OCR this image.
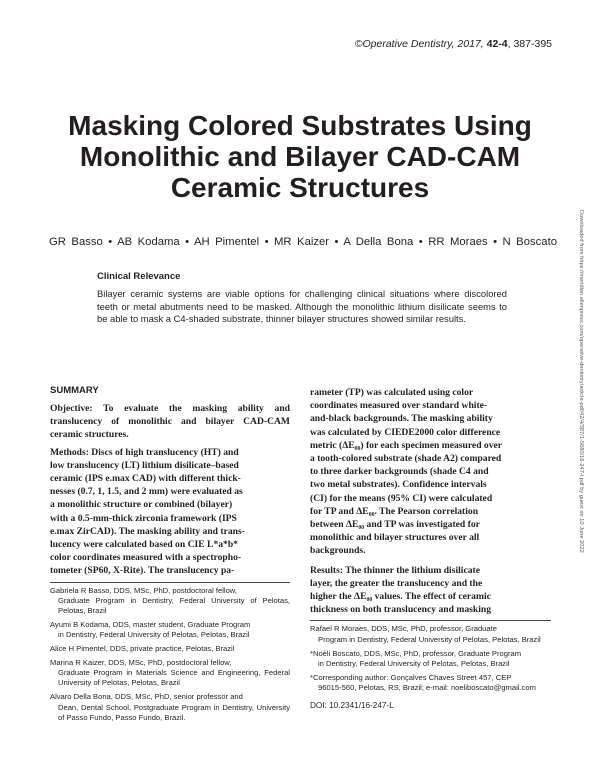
©Operative Dentistry, 2017, 42-4, 387-395
Masking Colored Substrates Using
Monolithic and Bilayer CAD-CAM
Ceramic Structures
GR Basso • AB Kodama • AH Pimentel • MR Kaizer • A Della Bona • RR Moraes • N Boscato
Clinical Relevance
Bilayer ceramic systems are viable options for challenging clinical situations where discolored teeth or metal abutments need to be masked. Although the monolithic lithium disilicate seems to be able to mask a C4-shaded substrate, thinner bilayer structures showed similar results.	Downloaded from https://meridian.allenpress.com/operative-dentistry/article-pdf/42/4/387/1-5680/16-247-l.pdf by guest on 10 June 2022
SUMMARY

Objective: To evaluate the masking ability and translucency of monolithic and bilayer CAD-CAM ceramic structures.

Methods: Discs of high translucency (HT) and
low translucency (LT) lithium disilicate–based
ceramic (IPS e.max CAD) with different thick-
nesses (0.7, 1, 1.5, and 2 mm) were evaluated as
a monolithic structure or combined (bilayer)
with a 0.5-mm-thick zirconia framework (IPS
e.max ZirCAD). The masking ability and trans-
lucency were calculated based on CIE L*a*b*
color coordinates measured with a spectropho-
tometer (SP60, X-Rite). The translucency pa-

Gabriela R Basso, DDS, MSc, PhD, postdoctoral fellow,
Graduate Program in Dentistry, Federal University of Pelotas, Pelotas, Brazil

Ayumi B Kodama, DDS, master student, Graduate Program
in Dentistry, Federal University of Pelotas, Pelotas, Brazil

Alice H Pimentel, DDS, private practice, Pelotas, Brazil

Marina R Kaizer, DDS, MSc, PhD, postdoctoral fellow,
Graduate Program in Materials Science and Engineering, Federal University of Pelotas, Pelotas, Brazil

Alvaro Della Bona, DDS, MSc, PhD, senior professor and
Dean, Dental School, Postgraduate Program in Dentistry, University of Passo Fundo, Passo Fundo, Brazil.

rameter (TP) was calculated using color
coordinates measured over standard white-
and-black backgrounds. The masking ability
was calculated by CIEDE2000 color difference
metric (ΔE₀₀) for each specimen measured over
a tooth-colored substrate (shade A2) compared
to three darker backgrounds (shade C4 and
two metal substrates). Confidence intervals
(CI) for the means (95% CI) were calculated
for TP and ΔE₀₀. The Pearson correlation
between ΔE₀₀ and TP was investigated for
monolithic and bilayer structures over all
backgrounds.

Results: The thinner the lithium disilicate
layer, the greater the translucency and the
higher the ΔE₀₀ values. The effect of ceramic
thickness on both translucency and masking

Rafael R Moraes, DDS, MSc, PhD, professor, Graduate
Program in Dentistry, Federal University of Pelotas, Pelotas, Brazil

*Noéli Boscato, DDS, MSc, PhD, professor, Graduate Program
in Dentistry, Federal University of Pelotas, Pelotas, Brazil

*Corresponding author: Gonçalves Chaves Street 457, CEP
96015-560, Pelotas, RS, Brazil; e-mail: noeliboscato@gmail.com

DOI: 10.2341/16-247-L
